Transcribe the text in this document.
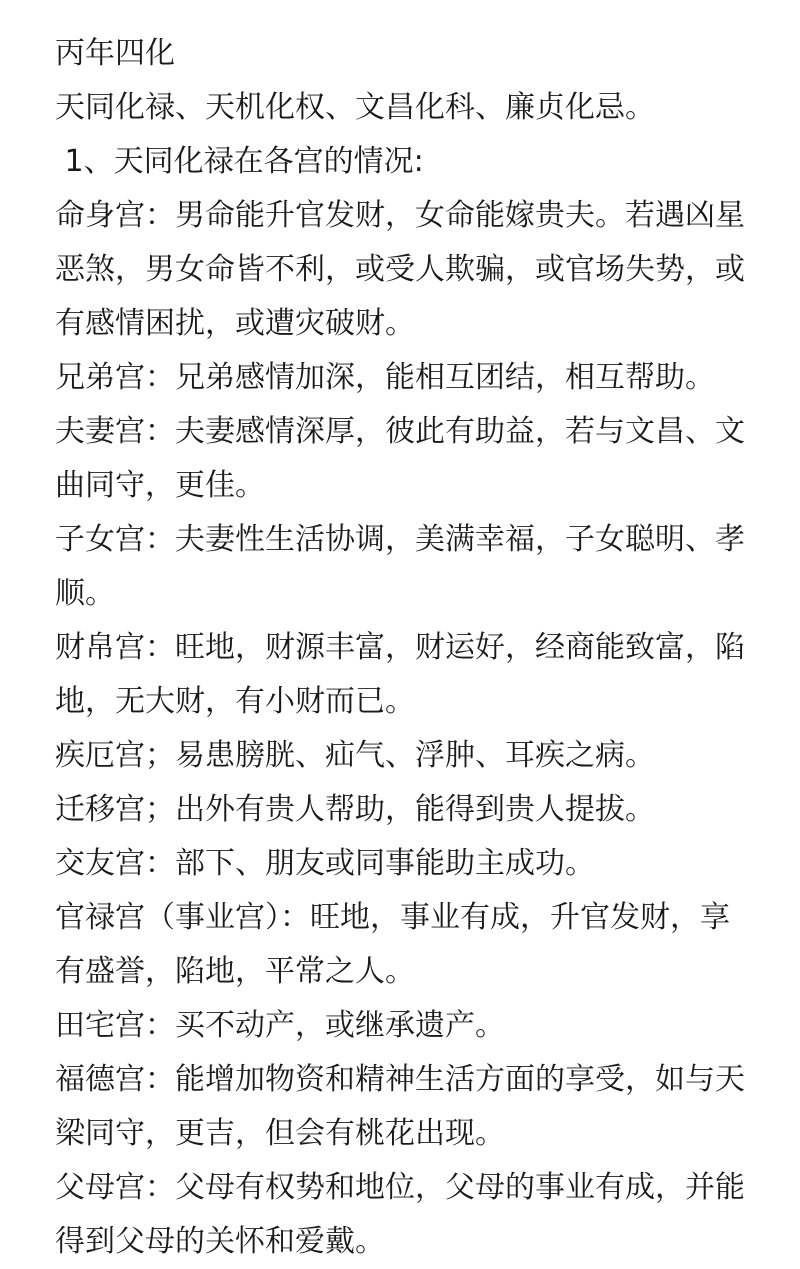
丙年四化

天同化禄、天机化权、文昌化科、廉贞化忌。

1、天同化禄在各宫的情况:

命身宫：男命能升官发财，女命能嫁贵夫。若遇凶星

恶煞，男女命皆不利，或受人欺骗，或官场失势，或

有感情困扰，或遭灾破财。

兄弟宫：兄弟感情加深，能相互团结，相互帮助。

夫妻宫：夫妻感情深厚，彼此有助益，若与文昌、文

曲同守，更佳。

子女宫：夫妻性生活协调，美满幸福，子女聪明、孝

顺。

财帛宫：旺地，财源丰富，财运好，经商能致富，陷

地，无大财，有小财而已。

疾厄宫；易患膀胱、疝气、浮肿、耳疾之病。

迁移宫；出外有贵人帮助，能得到贵人提拔。

交友宫：部下、朋友或同事能助主成功。

官禄宫（事业宫）：旺地，事业有成，升官发财，享

有盛誉，陷地，平常之人。

田宅宫：买不动产，或继承遗产。

福德宫：能增加物资和精神生活方面的享受，如与天

梁同守，更吉，但会有桃花出现。

父母宫：父母有权势和地位，父母的事业有成，并能

得到父母的关怀和爱戴。
